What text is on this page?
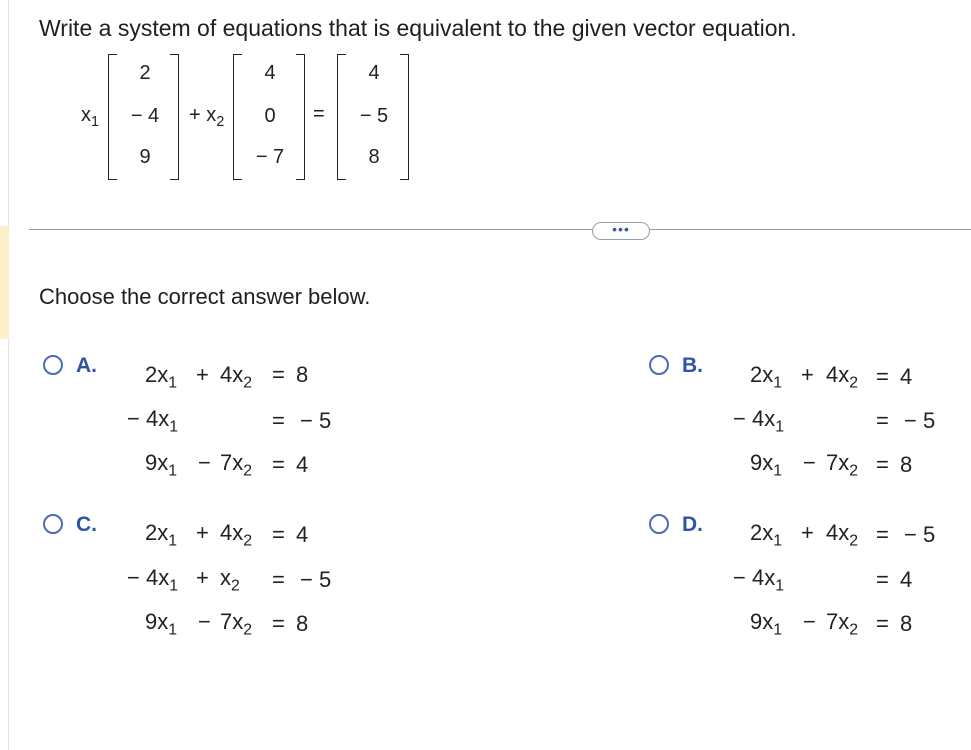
Write a system of equations that is equivalent to the given vector equation.
$x_1$
2
− 4
9
+ $x_2$
4
0
− 7
=
4
− 5
8
•••
Choose the correct answer below.
A. $2x_1 + 4x_2 = 8$
− $4x_1$	= − 5
$9x_1 - 7x_2 = 4$
B. $2x_1 + 4x_2 = 4$
− $4x_1$	= − 5
$9x_1 - 7x_2 = 8$
C. $2x_1 + 4x_2 = 4$
− $4x_1 + x_2$ = − 5
$9x_1 - 7x_2 = 8$
D. $2x_1 + 4x_2$ = − 5
− $4x_1$	= 4
$9x_1 - 7x_2 = 8$
